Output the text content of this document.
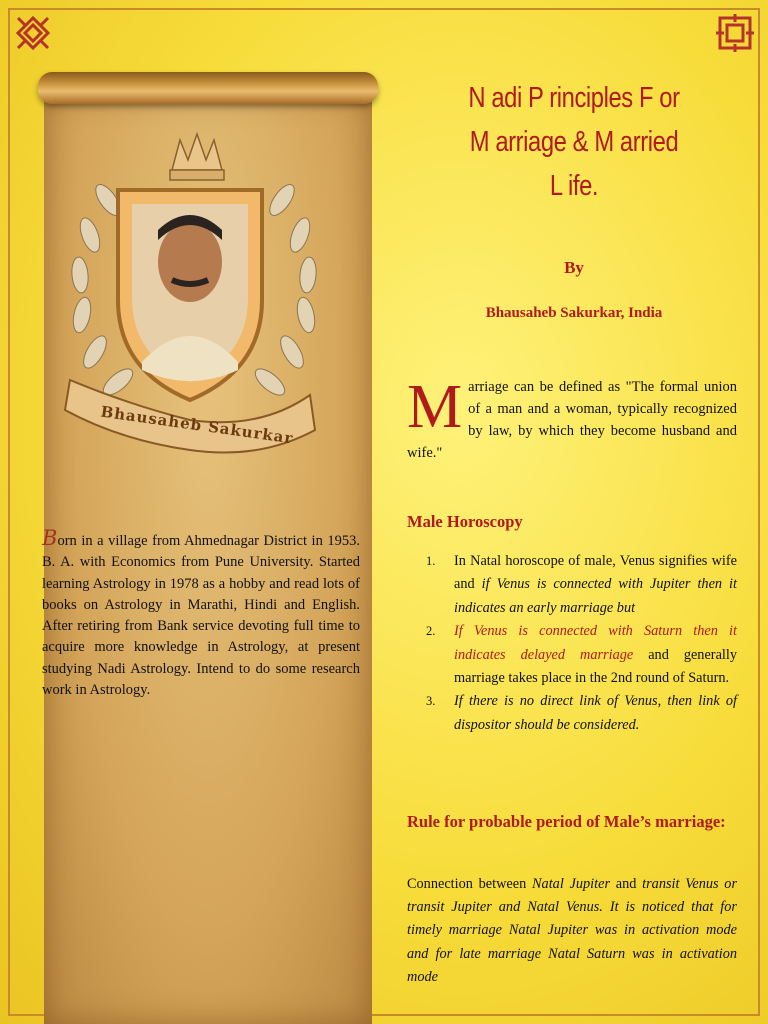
Bhausaheb Sakurkar
Born in a village from Ahmednagar District in 1953. B. A. with Economics from Pune University. Started learning Astrology in 1978 as a hobby and read lots of books on Astrology in Marathi, Hindi and English. After retiring from Bank service devoting full time to acquire more knowledge in Astrology, at present studying Nadi Astrology. Intend to do some research work in Astrology.
N adi P rinciples F or
M arriage & M arried
L ife.
By
Bhausaheb Sakurkar, India
Marriage can be defined as "The formal union of a man and a woman, typically recognized by law, by which they become husband and wife."
Male Horoscopy
1. In Natal horoscope of male, Venus signifies wife and if Venus is connected with Jupiter then it indicates an early marriage but
2. If Venus is connected with Saturn then it indicates delayed marriage and generally marriage takes place in the 2nd round of Saturn.
3. If there is no direct link of Venus, then link of dispositor should be considered.
Rule for probable period of Male’s marriage:
Connection between Natal Jupiter and transit Venus or transit Jupiter and Natal Venus. It is noticed that for timely marriage Natal Jupiter was in activation mode and for late marriage Natal Saturn was in activation mode
